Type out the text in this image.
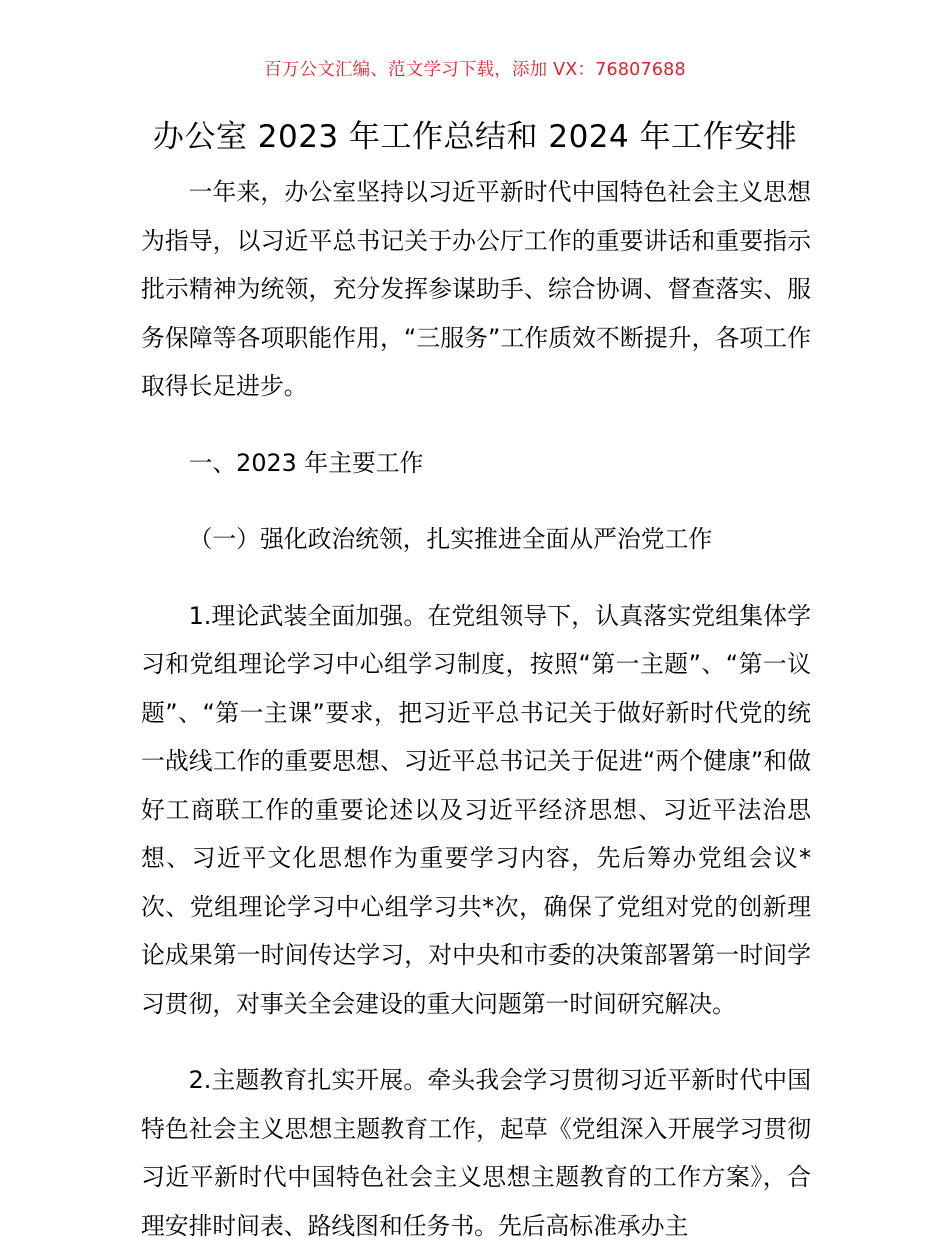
百万公文汇编、范文学习下载，添加 VX：76807688
办公室 2023 年工作总结和 2024 年工作安排

一年来，办公室坚持以习近平新时代中国特色社会主义思想为指导，以习近平总书记关于办公厅工作的重要讲话和重要指示批示精神为统领，充分发挥参谋助手、综合协调、督查落实、服务保障等各项职能作用，“三服务”工作质效不断提升，各项工作取得长足进步。

一、2023 年主要工作

（一）强化政治统领，扎实推进全面从严治党工作

1.理论武装全面加强。在党组领导下，认真落实党组集体学习和党组理论学习中心组学习制度，按照“第一主题”、“第一议题”、“第一主课”要求，把习近平总书记关于做好新时代党的统一战线工作的重要思想、习近平总书记关于促进“两个健康”和做好工商联工作的重要论述以及习近平经济思想、习近平法治思想、习近平文化思想作为重要学习内容，先后筹办党组会议*次、党组理论学习中心组学习共*次，确保了党组对党的创新理论成果第一时间传达学习，对中央和市委的决策部署第一时间学习贯彻，对事关全会建设的重大问题第一时间研究解决。

2.主题教育扎实开展。牵头我会学习贯彻习近平新时代中国特色社会主义思想主题教育工作，起草《党组深入开展学习贯彻习近平新时代中国特色社会主义思想主题教育的工作方案》，合理安排时间表、路线图和任务书。先后高标准承办主
